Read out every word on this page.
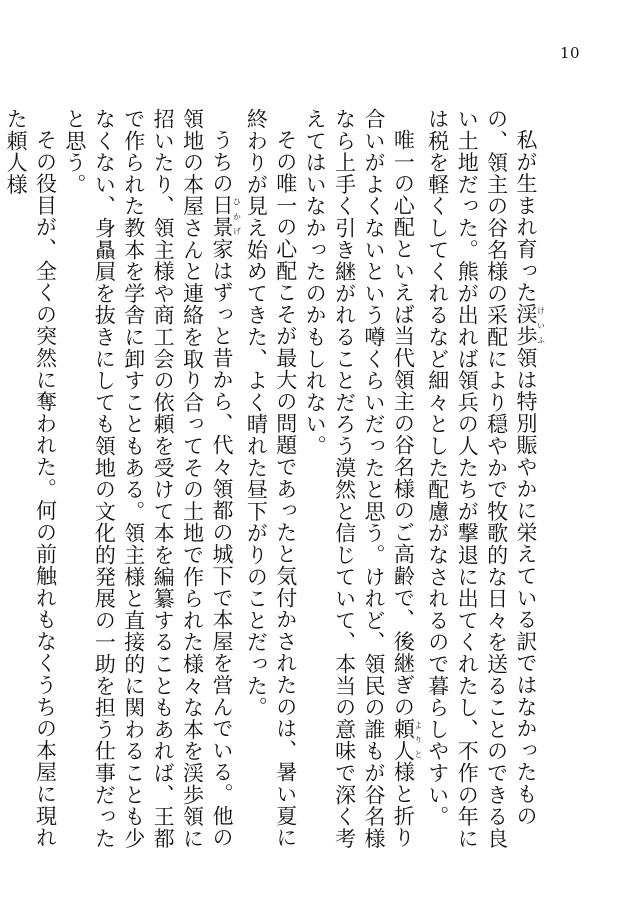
10

私が生まれ育った渓歩けいふ領は特別賑やかに栄えている訳ではなかったものの、領主の谷名様の采配により穏やかで牧歌的な日々を送ることのできる良い土地だった。熊が出れば領兵の人たちが撃退に出てくれたし、不作の年には税を軽くしてくれるなど細々とした配慮がなされるので暮らしやすい。

唯一の心配といえば当代領主の谷名様のご高齢で、後継ぎの頼人よりと様と折り合いがよくないという噂くらいだったと思う。けれど、領民の誰もが谷名様なら上手く引き継がれることだろう漠然と信じていて、本当の意味で深く考えてはいなかったのかもしれない。

その唯一の心配こそが最大の問題であったと気付かされたのは、暑い夏に終わりが見え始めてきた、よく晴れた昼下がりのことだった。

うちの日景ひかげ家はずっと昔から、代々領都の城下で本屋を営んでいる。他の領地の本屋さんと連絡を取り合ってその土地で作られた様々な本を渓歩領に招いたり、領主様や商工会の依頼を受けて本を編纂することもあれば、王都で作られた教本を学舎に卸すこともある。領主様と直接的に関わることも少なくない、身贔屓を抜きにしても領地の文化的発展の一助を担う仕事だったと思う。

その役目が、全くの突然に奪われた。何の前触れもなくうちの本屋に現れた頼人様
